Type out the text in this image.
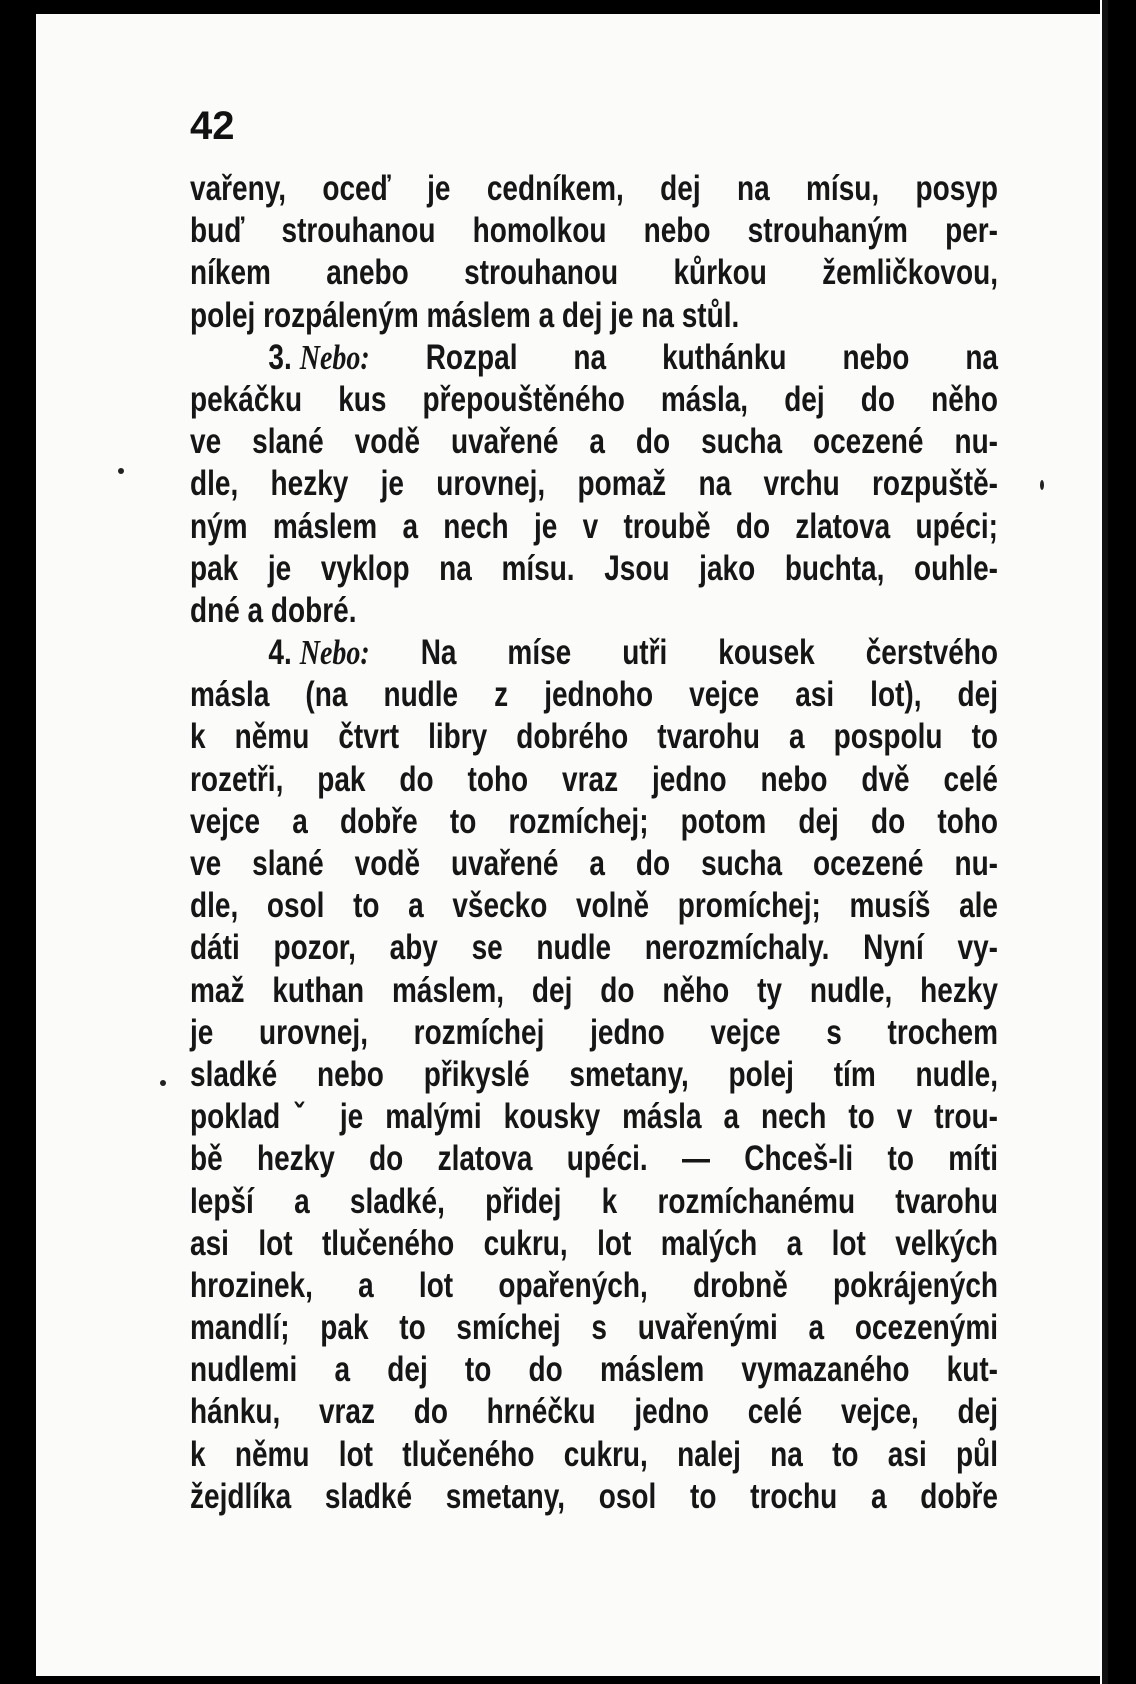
42

vařeny, oceď je cedníkem, dej na mísu, posyp
buď strouhanou homolkou nebo strouhaným per-
níkem anebo strouhanou kůrkou žemličkovou,
polej rozpáleným máslem a dej je na stůl.
3. Nebo: Rozpal na kuthánku nebo na
pekáčku kus přepouštěného másla, dej do něho
ve slané vodě uvařené a do sucha ocezené nu-
dle, hezky je urovnej, pomaž na vrchu rozpuště-
ným máslem a nech je v troubě do zlatova upéci;
pak je vyklop na mísu. Jsou jako buchta, ouhle-
dné a dobré.
4. Nebo: Na míse utři kousek čerstvého
másla (na nudle z jednoho vejce asi lot), dej
k němu čtvrt libry dobrého tvarohu a pospolu to
rozetři, pak do toho vraz jedno nebo dvě celé
vejce a dobře to rozmíchej; potom dej do toho
ve slané vodě uvařené a do sucha ocezené nu-
dle, osol to a všecko volně promíchej; musíš ale
dáti pozor, aby se nudle nerozmíchaly. Nyní vy-
maž kuthan máslem, dej do něho ty nudle, hezky
je urovnej, rozmíchej jedno vejce s trochem
sladké nebo přikyslé smetany, polej tím nudle,
pokladˇ je malými kousky másla a nech to v trou-
bě hezky do zlatova upéci. — Chceš-li to míti
lepší a sladké, přidej k rozmíchanému tvarohu
asi lot tlučeného cukru, lot malých a lot velkých
hrozinek, a lot opařených, drobně pokrájených
mandlí; pak to smíchej s uvařenými a ocezenými
nudlemi a dej to do máslem vymazaného kut-
hánku, vraz do hrnéčku jedno celé vejce, dej
k němu lot tlučeného cukru, nalej na to asi půl
žejdlíka sladké smetany, osol to trochu a dobře
